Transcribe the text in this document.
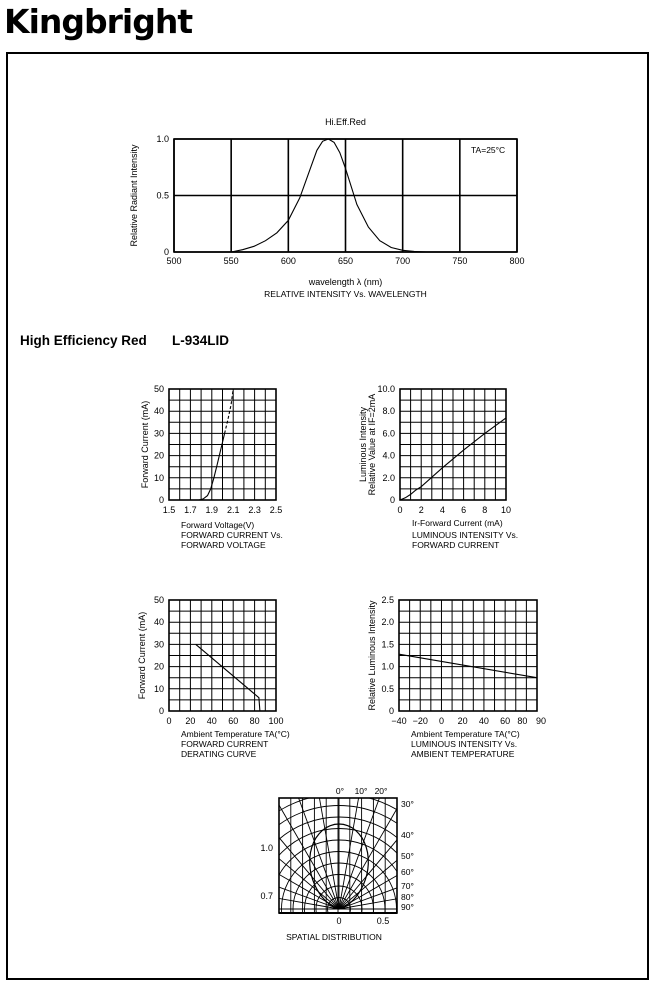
Kingbright
High Efficiency Red L-934LID
500	550	600	650	700	750	800
0
0.5
1.0
Relative Radiant Intensity
wavelength λ (nm)
RELATIVE INTENSITY Vs. WAVELENGTH
Hi.Eff.Red
TA=25°C
1.5 1.7 1.9 2.1 2.3 2.5
0
10
20
30
40
50
Forward Current (mA)
Forward Voltage(V)
FORWARD CURRENT Vs.
FORWARD VOLTAGE
0 2 4 6 8 10
0
2.0
4.0
6.0
8.0
10.0
Luminous Intensity Relative Value at IF=2mA
Ir-Forward Current (mA)
LUMINOUS INTENSITY Vs.
FORWARD CURRENT
0 20 40 60 80 100
0
10
20
30
40
50
Forward Current (mA)
Ambient Temperature TA(°C)
FORWARD CURRENT
DERATING CURVE
−40 −20 0 20 40 60 80 90
0
0.5
1.0
1.5
2.0
2.5
Relative Luminous Intensity
Ambient Temperature TA(°C)
LUMINOUS INTENSITY Vs.
AMBIENT TEMPERATURE
0° 10° 20°
30°
40°
50°
60°
70°
80°
90°
1.0
0.7
0	0.5
SPATIAL DISTRIBUTION
